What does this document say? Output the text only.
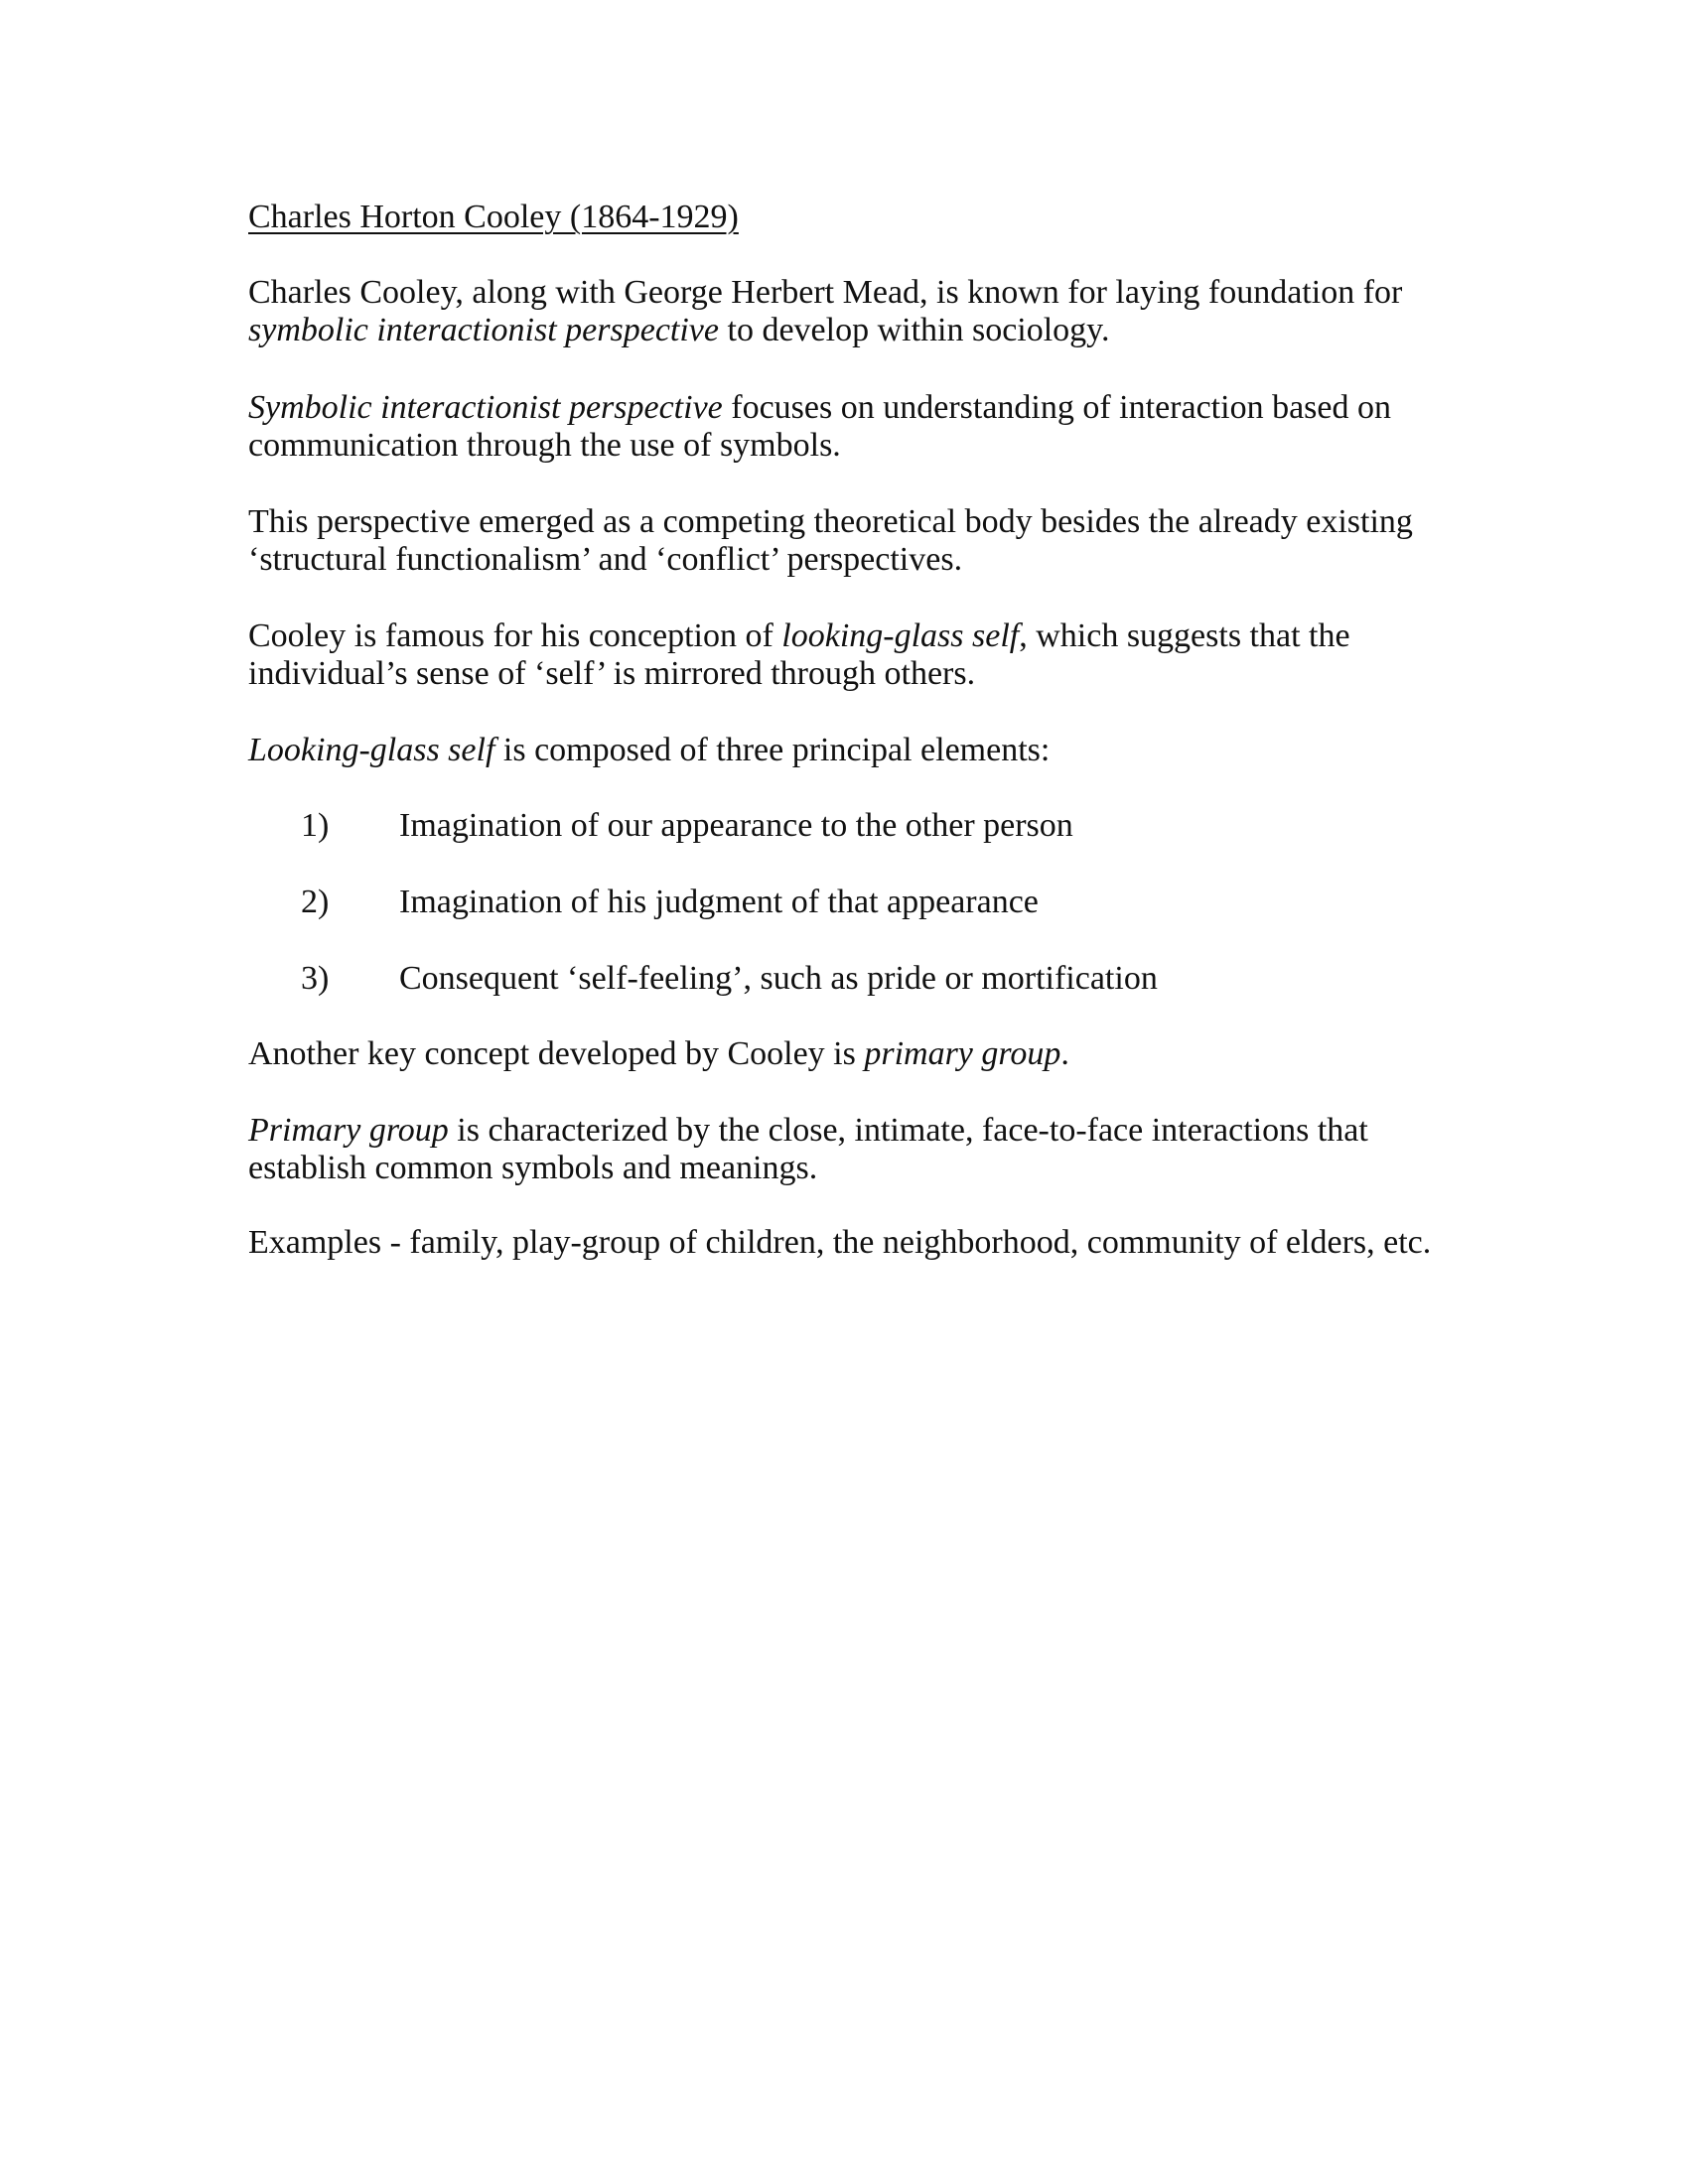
Charles Horton Cooley (1864-1929)
Charles Cooley, along with George Herbert Mead, is known for laying foundation for
symbolic interactionist perspective to develop within sociology.
Symbolic interactionist perspective focuses on understanding of interaction based on
communication through the use of symbols.
This perspective emerged as a competing theoretical body besides the already existing
‘structural functionalism’ and ‘conflict’ perspectives.
Cooley is famous for his conception of looking-glass self, which suggests that the
individual’s sense of ‘self’ is mirrored through others.
Looking-glass self is composed of three principal elements:
1) Imagination of our appearance to the other person
2) Imagination of his judgment of that appearance
3) Consequent ‘self-feeling’, such as pride or mortification
Another key concept developed by Cooley is primary group.
Primary group is characterized by the close, intimate, face-to-face interactions that
establish common symbols and meanings.
Examples - family, play-group of children, the neighborhood, community of elders, etc.
